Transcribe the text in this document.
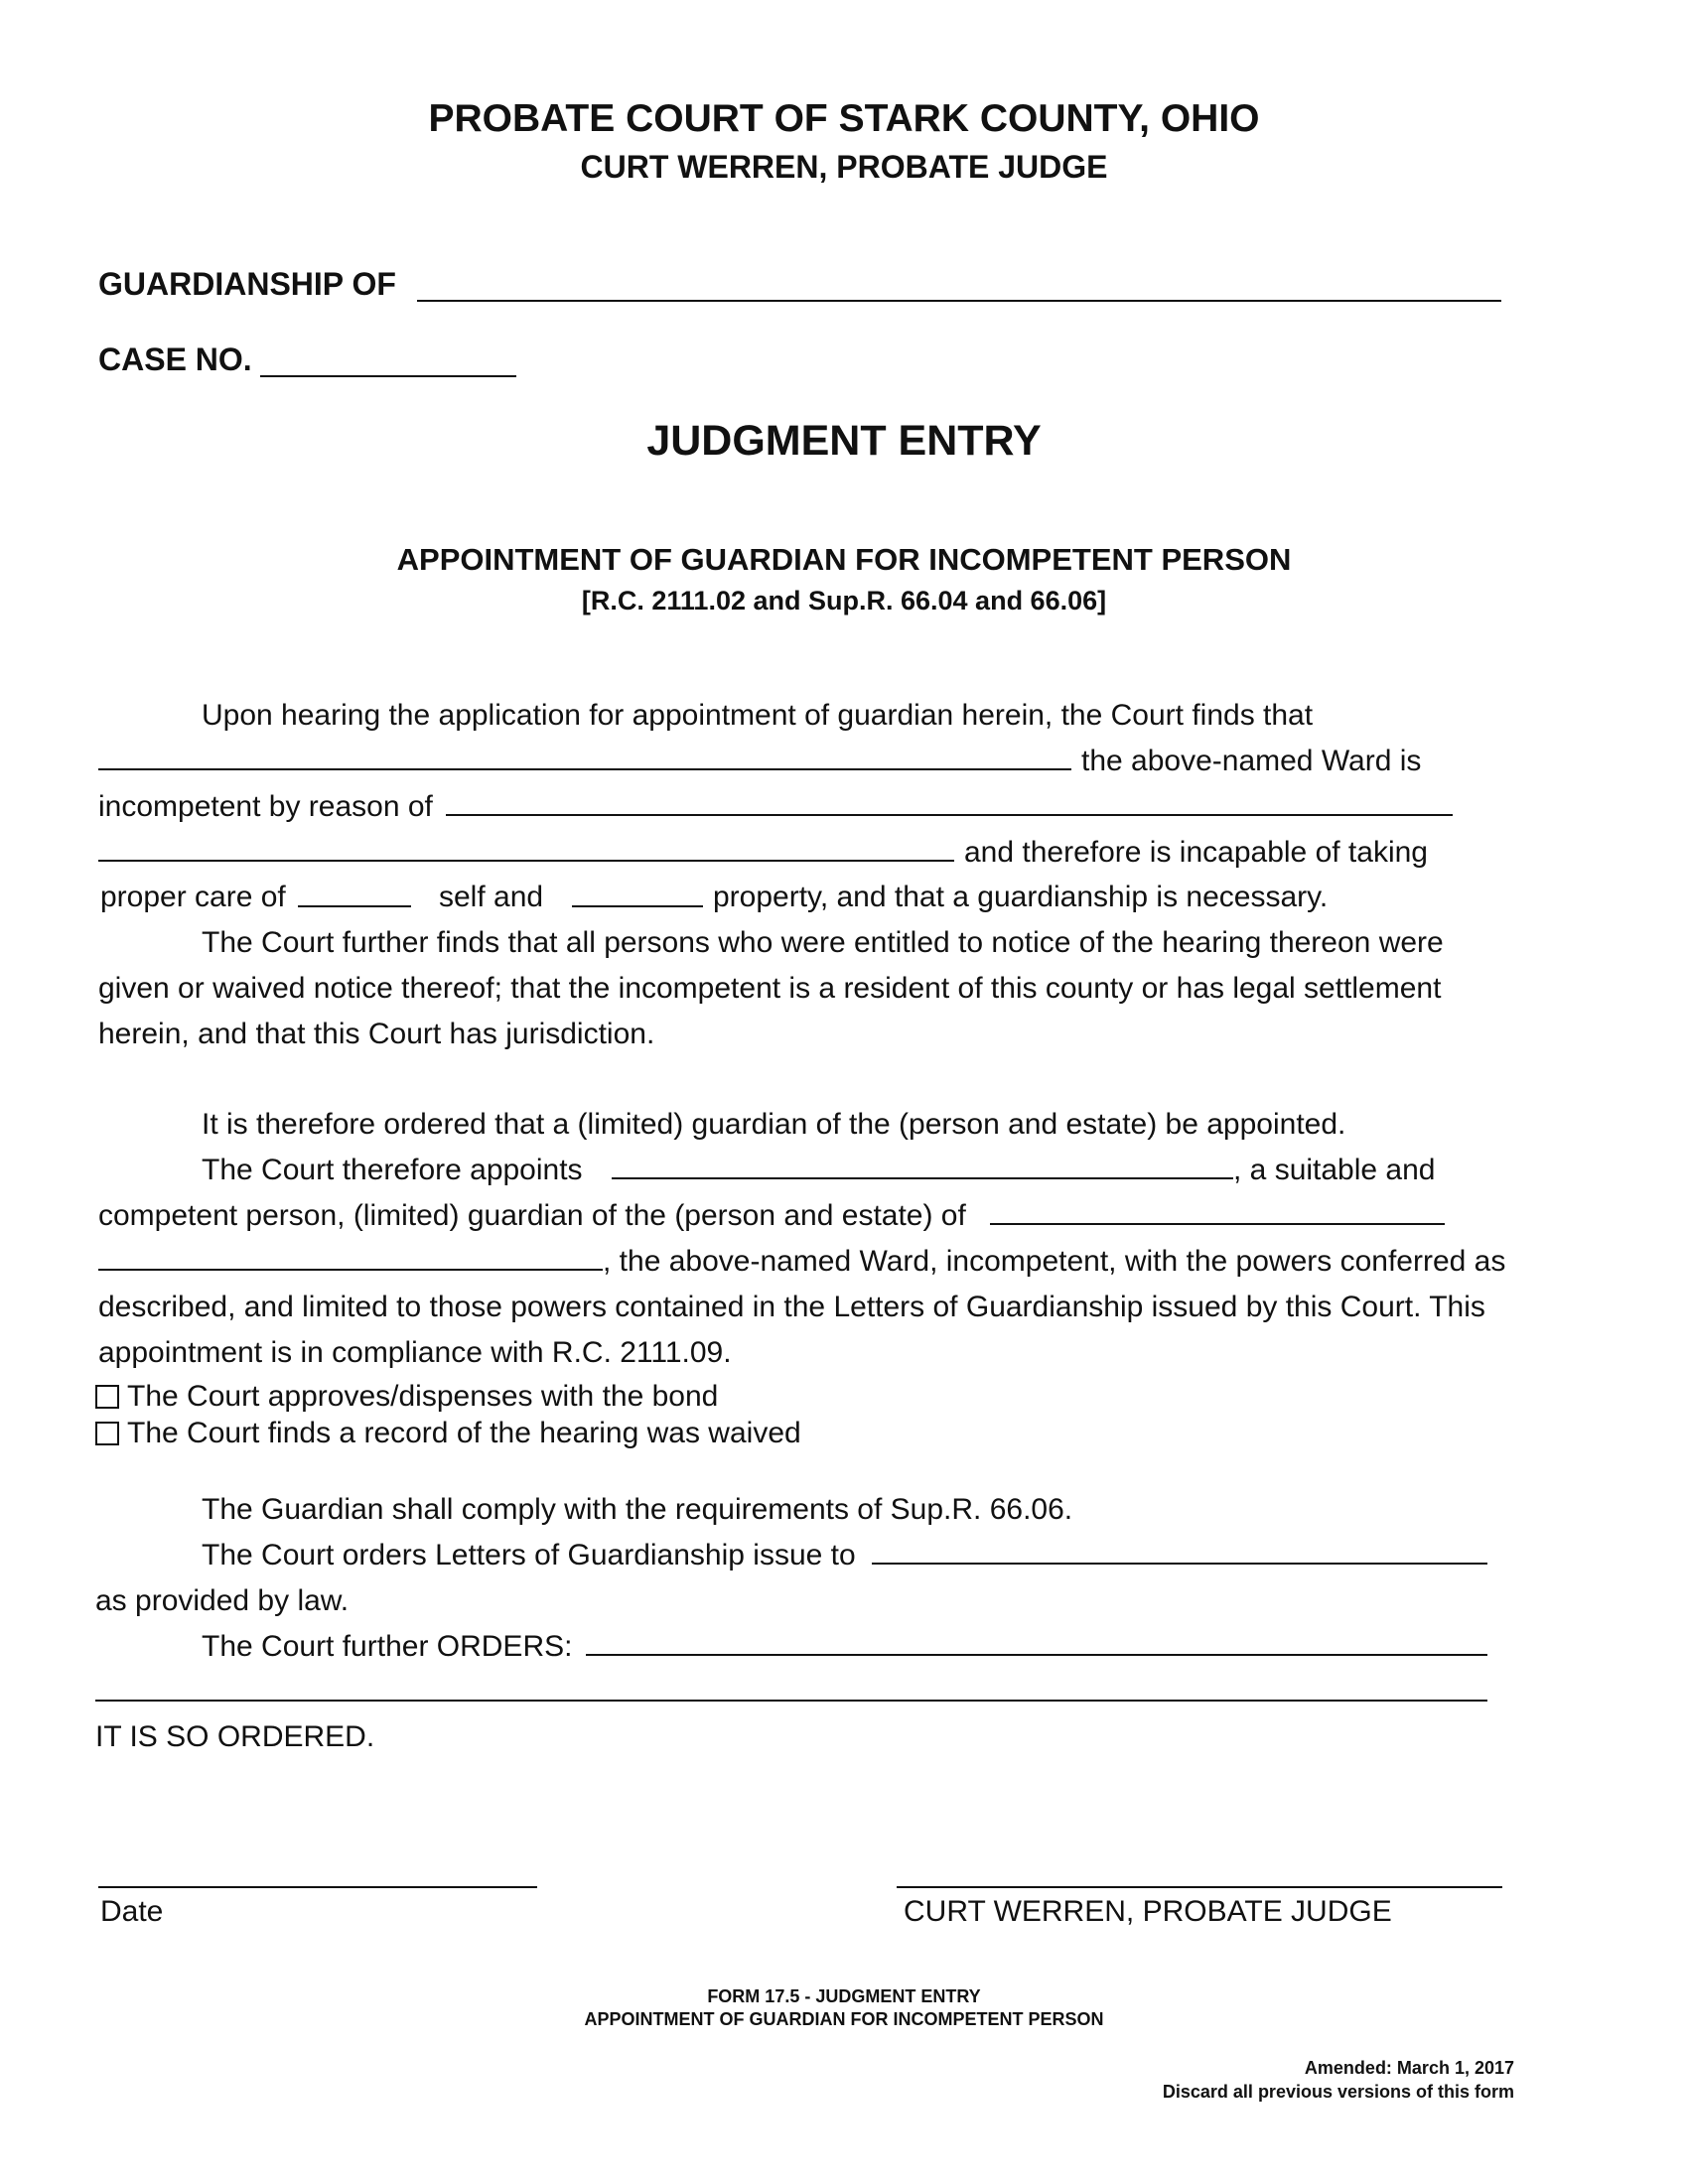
PROBATE COURT OF STARK COUNTY, OHIO
CURT WERREN, PROBATE JUDGE
GUARDIANSHIP OF
CASE NO.
JUDGMENT ENTRY
APPOINTMENT OF GUARDIAN FOR INCOMPETENT PERSON
[R.C. 2111.02 and Sup.R. 66.04 and 66.06]
Upon hearing the application for appointment of guardian herein, the Court finds that
the above-named Ward is
incompetent by reason of
and therefore is incapable of taking
proper care of	self and	property, and that a guardianship is necessary.
The Court further finds that all persons who were entitled to notice of the hearing thereon were
given or waived notice thereof; that the incompetent is a resident of this county or has legal settlement
herein, and that this Court has jurisdiction.
It is therefore ordered that a (limited) guardian of the (person and estate) be appointed.
The Court therefore appoints	, a suitable and
competent person, (limited) guardian of the (person and estate) of
, the above-named Ward, incompetent, with the powers conferred as
described, and limited to those powers contained in the Letters of Guardianship issued by this Court. This
appointment is in compliance with R.C. 2111.09.
The Court approves/dispenses with the bond
The Court finds a record of the hearing was waived
The Guardian shall comply with the requirements of Sup.R. 66.06.
The Court orders Letters of Guardianship issue to
as provided by law.
The Court further ORDERS:
IT IS SO ORDERED.
Date	CURT WERREN, PROBATE JUDGE
FORM 17.5 - JUDGMENT ENTRY
APPOINTMENT OF GUARDIAN FOR INCOMPETENT PERSON
Amended: March 1, 2017
Discard all previous versions of this form
